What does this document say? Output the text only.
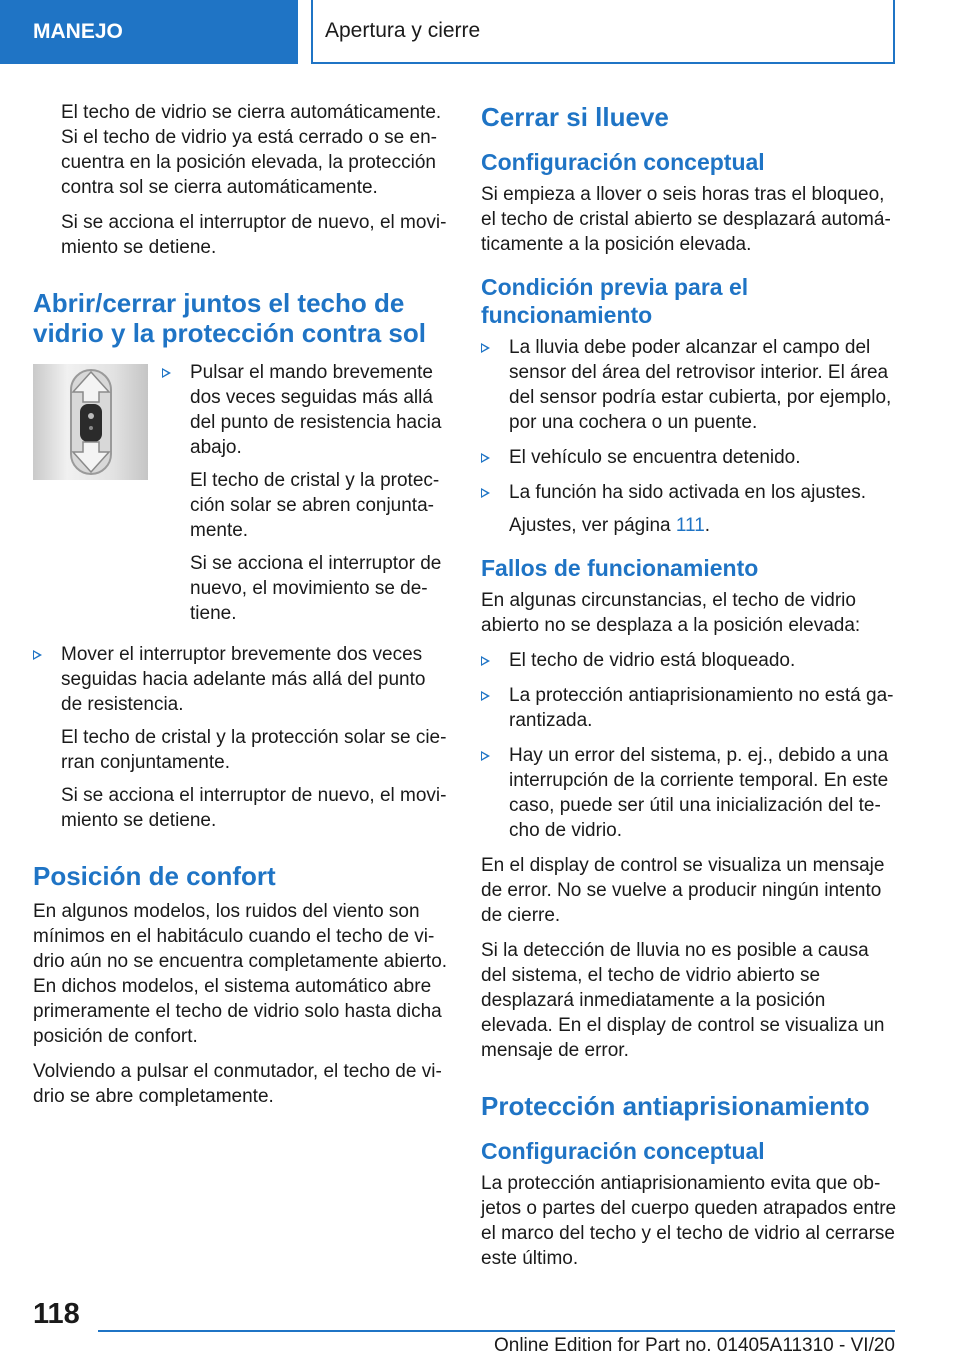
MANEJO	Apertura y cierre

El techo de vidrio se cierra automáticamente. Si el techo de vidrio ya está cerrado o se encuentra en la posición elevada, la protección contra sol se cierra automáticamente.

Si se acciona el interruptor de nuevo, el movimiento se detiene.

Abrir/cerrar juntos el techo de vidrio y la protección contra sol

Pulsar el mando brevemente dos veces seguidas más allá del punto de resistencia hacia abajo.

El techo de cristal y la protección solar se abren conjuntamente.

Si se acciona el interruptor de nuevo, el movimiento se detiene.

Mover el interruptor brevemente dos veces seguidas hacia adelante más allá del punto de resistencia.

El techo de cristal y la protección solar se cierran conjuntamente.

Si se acciona el interruptor de nuevo, el movimiento se detiene.

Posición de confort

En algunos modelos, los ruidos del viento son mínimos en el habitáculo cuando el techo de vidrio aún no se encuentra completamente abierto. En dichos modelos, el sistema automático abre primeramente el techo de vidrio solo hasta dicha posición de confort.

Volviendo a pulsar el conmutador, el techo de vidrio se abre completamente.

Cerrar si llueve
Configuración conceptual

Si empieza a llover o seis horas tras el bloqueo, el techo de cristal abierto se desplazará automáticamente a la posición elevada.

Condición previa para el funcionamiento

La lluvia debe poder alcanzar el campo del sensor del área del retrovisor interior. El área del sensor podría estar cubierta, por ejemplo, por una cochera o un puente.

El vehículo se encuentra detenido.

La función ha sido activada en los ajustes.

Ajustes, ver página 111.

Fallos de funcionamiento

En algunas circunstancias, el techo de vidrio abierto no se desplaza a la posición elevada:

El techo de vidrio está bloqueado.

La protección antiaprisionamiento no está garantizada.

Hay un error del sistema, p. ej., debido a una interrupción de la corriente temporal. En este caso, puede ser útil una inicialización del techo de vidrio.

En el display de control se visualiza un mensaje de error. No se vuelve a producir ningún intento de cierre.

Si la detección de lluvia no es posible a causa del sistema, el techo de vidrio abierto se desplazará inmediatamente a la posición elevada. En el display de control se visualiza un mensaje de error.

Protección antiaprisionamiento
Configuración conceptual

La protección antiaprisionamiento evita que objetos o partes del cuerpo queden atrapados entre el marco del techo y el techo de vidrio al cerrarse este último.

118
Online Edition for Part no. 01405A11310 - VI/20
